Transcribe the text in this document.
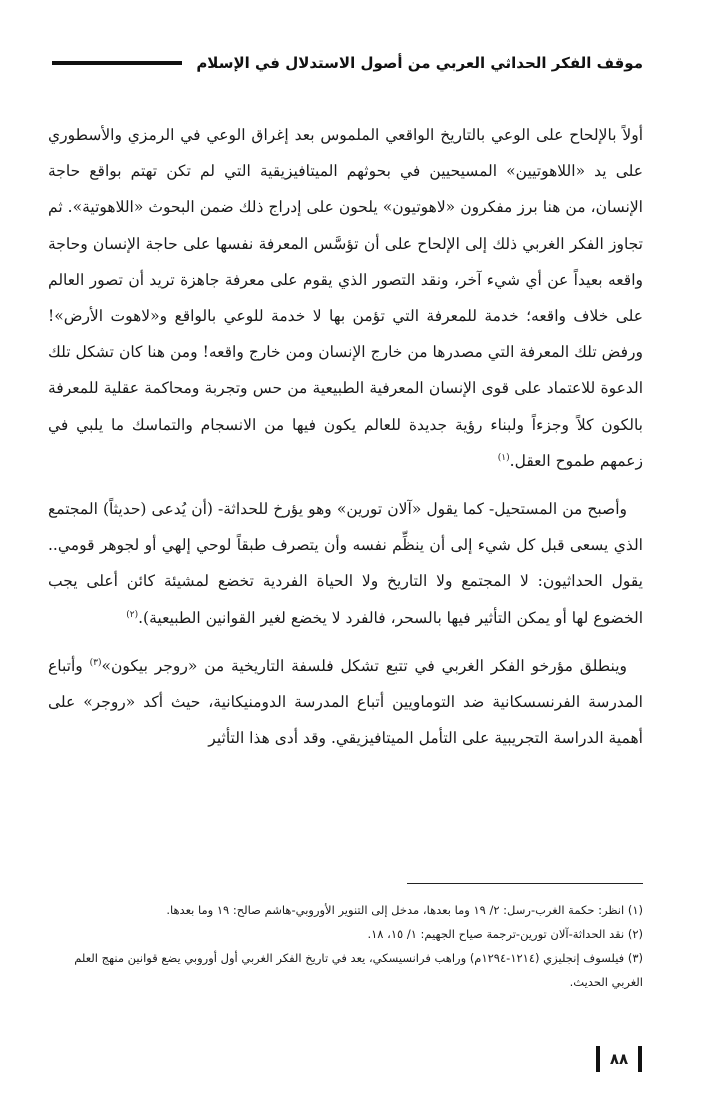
موقف الفكر الحداثي العربي من أصول الاستدلال في الإسلام

أولاً بالإلحاح على الوعي بالتاريخ الواقعي الملموس بعد إغراق الوعي في الرمزي والأسطوري على يد «اللاهوتيين» المسيحيين في بحوثهم الميتافيزيقية التي لم تكن تهتم بواقع حاجة الإنسان، من هنا برز مفكرون «لاهوتيون» يلحون على إدراج ذلك ضمن البحوث «اللاهوتية». ثم تجاوز الفكر الغربي ذلك إلى الإلحاح على أن تؤسَّس المعرفة نفسها على حاجة الإنسان وحاجة واقعه بعيداً عن أي شيء آخر، ونقد التصور الذي يقوم على معرفة جاهزة تريد أن تصور العالم على خلاف واقعه؛ خدمة للمعرفة التي تؤمن بها لا خدمة للوعي بالواقع و«لاهوت الأرض»! ورفض تلك المعرفة التي مصدرها من خارج الإنسان ومن خارج واقعه! ومن هنا كان تشكل تلك الدعوة للاعتماد على قوى الإنسان المعرفية الطبيعية من حس وتجربة ومحاكمة عقلية للمعرفة بالكون كلاً وجزءاً ولبناء رؤية جديدة للعالم يكون فيها من الانسجام والتماسك ما يلبي في زعمهم طموح العقل.$^{(١)}$

وأصبح من المستحيل- كما يقول «آلان تورين» وهو يؤرخ للحداثة- (أن يُدعى (حديثاً) المجتمع الذي يسعى قبل كل شيء إلى أن ينظِّم نفسه وأن يتصرف طبقاً لوحي إلهي أو لجوهر قومي.. يقول الحداثيون: لا المجتمع ولا التاريخ ولا الحياة الفردية تخضع لمشيئة كائن أعلى يجب الخضوع لها أو يمكن التأثير فيها بالسحر، فالفرد لا يخضع لغير القوانين الطبيعية).$^{(٢)}$

وينطلق مؤرخو الفكر الغربي في تتبع تشكل فلسفة التاريخية من «روجر بيكون»$^{(٣)}$ وأتباع المدرسة الفرنسسكانية ضد التوماويين أتباع المدرسة الدومنيكانية، حيث أكد «روجر» على أهمية الدراسة التجريبية على التأمل الميتافيزيقي. وقد أدى هذا التأثير

(١) انظر: حكمة الغرب-رسل: ٢/ ١٩ وما بعدها، مدخل إلى التنوير الأوروبي-هاشم صالح: ١٩ وما بعدها.

(٢) نقد الحداثة-آلان تورين-ترجمة صياح الجهيم: ١/ ١٥، ١٨.

(٣) فيلسوف إنجليزي (١٢١٤-١٢٩٤م) وراهب فرانسيسكي، يعد في تاريخ الفكر الغربي أول أوروبي يضع قوانين منهج العلم الغربي الحديث.

٨٨
